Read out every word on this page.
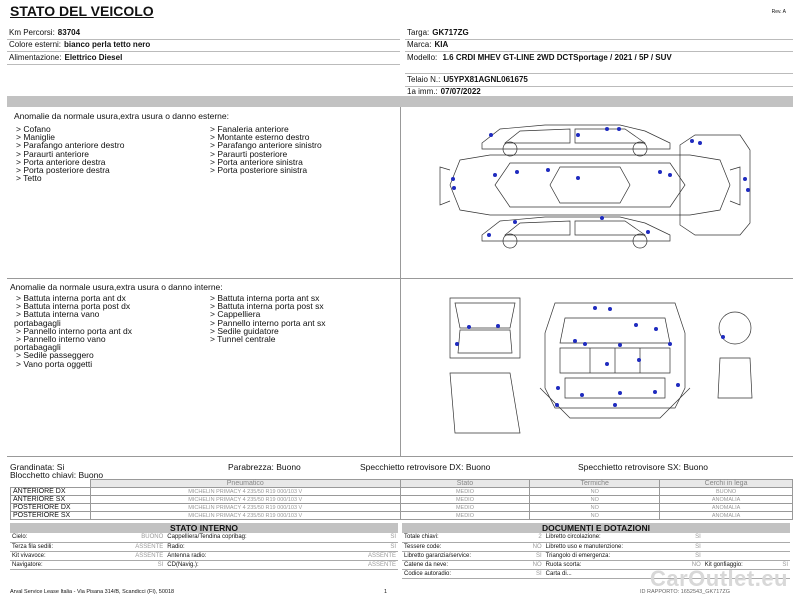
STATO DEL VEICOLO	Rev. A
Km Percorsi: 83704
Colore esterni: bianco perla tetto nero
Alimentazione: Elettrico Diesel
Targa: GK717ZG
Marca: KIA
Modello: 1.6 CRDI MHEV GT-LINE 2WD DCTSportage / 2021 / 5P / SUV
Telaio N.: U5YPX81AGNL061675
1a imm.: 07/07/2022
Anomalie da normale usura,extra usura o danno esterne:
> Cofano
> Maniglie
> Parafango anteriore destro
> Paraurti anteriore
> Porta anteriore destra
> Porta posteriore destra
> Tetto
> Fanaleria anteriore
> Montante esterno destro
> Parafango anteriore sinistro
> Paraurti posteriore
> Porta anteriore sinistra
> Porta posteriore sinistra
Anomalie da normale usura,extra usura o danno interne:
> Battuta interna porta ant dx
> Battuta interna porta post dx
> Battuta interna vano
portabagagli
> Pannello interno porta ant dx
> Pannello interno vano
portabagagli
> Sedile passeggero
> Vano porta oggetti
> Battuta interna porta ant sx
> Battuta interna porta post sx
> Cappelliera
> Pannello interno porta ant sx
> Sedile guidatore
> Tunnel centrale
Grandinata: Si	Parabrezza: Buono	Specchietto retrovisore DX: Buono	Specchietto retrovisore SX: Buono
Blocchetto chiavi: Buono
	Pneumatico	Stato	Termiche	Cerchi in lega
ANTERIORE DX	MICHELIN PRIMACY 4 235/50 R19 000/103 V	MEDIO	NO	BUONO
ANTERIORE SX	MICHELIN PRIMACY 4 235/50 R19 000/103 V	MEDIO	NO	ANOMALIA
POSTERIORE DX	MICHELIN PRIMACY 4 235/50 R19 000/103 V	MEDIO	NO	ANOMALIA
POSTERIORE SX	MICHELIN PRIMACY 4 235/50 R19 000/103 V	MEDIO	NO	ANOMALIA
STATO INTERNO
Cielo:	BUONO	Cappelliera/Tendina copribag:	SI
Terza fila sedili:	ASSENTE	Radio:	SI
Kit vivavoce:	ASSENTE	Antenna radio:	ASSENTE
Navigatore:	SI	CD(Navig.):	ASSENTE
DOCUMENTI E DOTAZIONI
Totale chiavi:	2	Libretto circolazione:	SI		
Tessere code:	NO	Libretto uso e manutenzione:	SI		
Libretto garanzia/service:	SI	Triangolo di emergenza:	SI		
Catene da neve:	NO	Ruota scorta:	NO	Kit gonfiaggio:	SI
Codice autoradio:	SI	Carta di...			
Arval Service Lease Italia - Via Pisana 314/B, Scandicci (FI), 50018	1	ID RAPPORTO: 1652543_GK717ZG
CarOutlet.eu
